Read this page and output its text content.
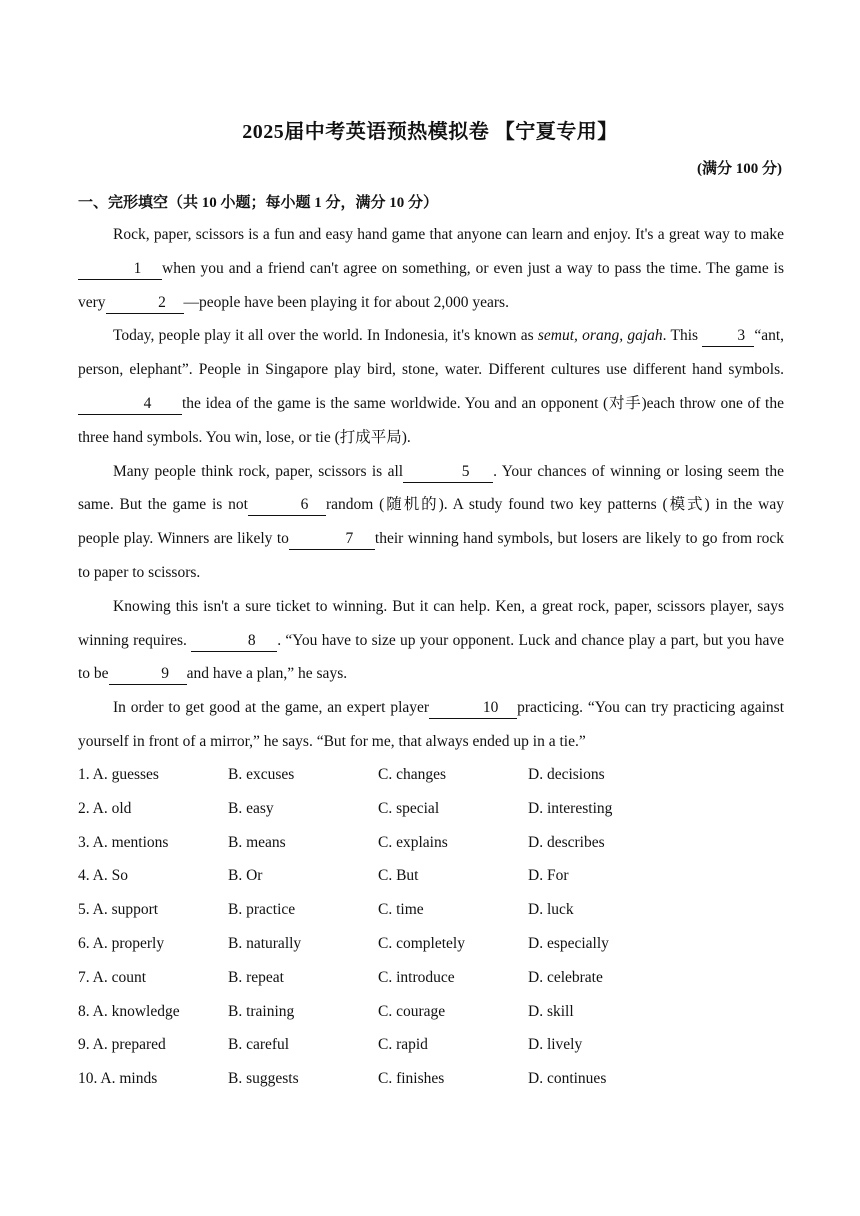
2025届中考英语预热模拟卷 【宁夏专用】
(满分 100 分)
一、完形填空（共 10 小题；每小题 1 分，满分 10 分）

Rock, paper, scissors is a fun and easy hand game that anyone can learn and enjoy. It's a great way to make1 when you and a friend can't agree on something, or even just a way to pass the time. The game is very	2 —people have been playing it for about 2,000 years.

Today, people play it all over the world. In Indonesia, it's known as semut, orang, gajah. This 3 “ant, person, elephant”. People in Singapore play bird, stone, water. Different cultures use different hand symbols. 4 the idea of the game is the same worldwide. You and an opponent (对手)each throw one of the three hand symbols. You win, lose, or tie (打成平局).

Many people think rock, paper, scissors is all	5 . Your chances of winning or losing seem the same. But the game is not	6 random (随机的). A study found two key patterns (模式) in the way people play. Winners are likely to	7 their winning hand symbols, but losers are likely to go from rock to paper to scissors.

Knowing this isn't a sure ticket to winning. But it can help. Ken, a great rock, paper, scissors player, says winning requires.	8 . “You have to size up your opponent. Luck and chance play a part, but you have to be	9 and have a plan,” he says.

In order to get good at the game, an expert player	10 practicing. “You can try practicing against yourself in front of a mirror,” he says. “But for me, that always ended up in a tie.”

1. A. guesses	B. excuses	C. changes	D. decisions
2. A. old	B. easy	C. special	D. interesting
3. A. mentions	B. means	C. explains	D. describes
4. A. So	B. Or	C. But	D. For
5. A. support	B. practice	C. time	D. luck
6. A. properly	B. naturally	C. completely	D. especially
7. A. count	B. repeat	C. introduce	D. celebrate
8. A. knowledge	B. training	C. courage	D. skill
9. A. prepared	B. careful	C. rapid	D. lively
10. A. minds	B. suggests	C. finishes	D. continues
